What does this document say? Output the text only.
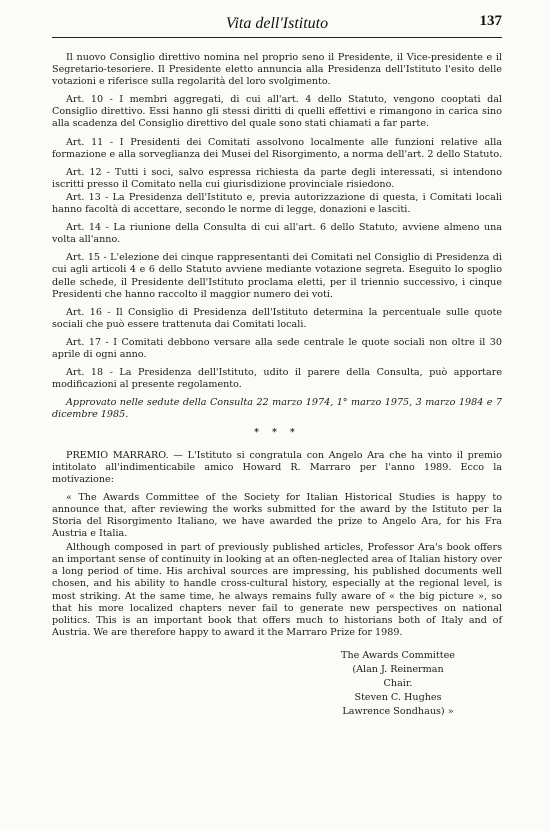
Vita dell'Istituto	137

Il nuovo Consiglio direttivo nomina nel proprio seno il Presidente, il Vice-presidente e il Segretario-tesoriere. Il Presidente eletto annuncia alla Presidenza dell'Istituto l'esito delle votazioni e riferisce sulla regolarità del loro svolgimento.

Art. 10 - I membri aggregati, di cui all'art. 4 dello Statuto, vengono cooptati dal Consiglio direttivo. Essi hanno gli stessi diritti di quelli effettivi e rimangono in carica sino alla scadenza del Consiglio direttivo del quale sono stati chiamati a far parte.

Art. 11 - I Presidenti dei Comitati assolvono localmente alle funzioni relative alla formazione e alla sorveglianza dei Musei del Risorgimento, a norma dell'art. 2 dello Statuto.

Art. 12 - Tutti i soci, salvo espressa richiesta da parte degli interessati, si intendono iscritti presso il Comitato nella cui giurisdizione provinciale risiedono.

Art. 13 - La Presidenza dell'Istituto e, previa autorizzazione di questa, i Comitati locali hanno facoltà di accettare, secondo le norme di legge, donazioni e lasciti.

Art. 14 - La riunione della Consulta di cui all'art. 6 dello Statuto, avviene almeno una volta all'anno.

Art. 15 - L'elezione dei cinque rappresentanti dei Comitati nel Consiglio di Presidenza di cui agli articoli 4 e 6 dello Statuto avviene mediante votazione segreta. Eseguito lo spoglio delle schede, il Presidente dell'Istituto proclama eletti, per il triennio successivo, i cinque Presidenti che hanno raccolto il maggior numero dei voti.

Art. 16 - Il Consiglio di Presidenza dell'Istituto determina la percentuale sulle quote sociali che può essere trattenuta dai Comitati locali.

Art. 17 - I Comitati debbono versare alla sede centrale le quote sociali non oltre il 30 aprile di ogni anno.

Art. 18 - La Presidenza dell'Istituto, udito il parere della Consulta, può apportare modificazioni al presente regolamento.

Approvato nelle sedute della Consulta 22 marzo 1974, 1° marzo 1975, 3 marzo 1984 e 7 dicembre 1985.

* * *

PREMIO MARRARO. — L'Istituto si congratula con Angelo Ara che ha vinto il premio intitolato all'indimenticabile amico Howard R. Marraro per l'anno 1989. Ecco la motivazione:

« The Awards Committee of the Society for Italian Historical Studies is happy to announce that, after reviewing the works submitted for the award by the Istituto per la Storia del Risorgimento Italiano, we have awarded the prize to Angelo Ara, for his Fra Austria e Italia.

Although composed in part of previously published articles, Professor Ara's book offers an important sense of continuity in looking at an often-neglected area of Italian history over a long period of time. His archival sources are impressing, his published documents well chosen, and his ability to handle cross-cultural history, especially at the regional level, is most striking. At the same time, he always remains fully aware of « the big picture », so that his more localized chapters never fail to generate new perspectives on national politics. This is an important book that offers much to historians both of Italy and of Austria. We are therefore happy to award it the Marraro Prize for 1989.

The Awards Committee
(Alan J. Reinerman
Chair.
Steven C. Hughes
Lawrence Sondhaus) »
